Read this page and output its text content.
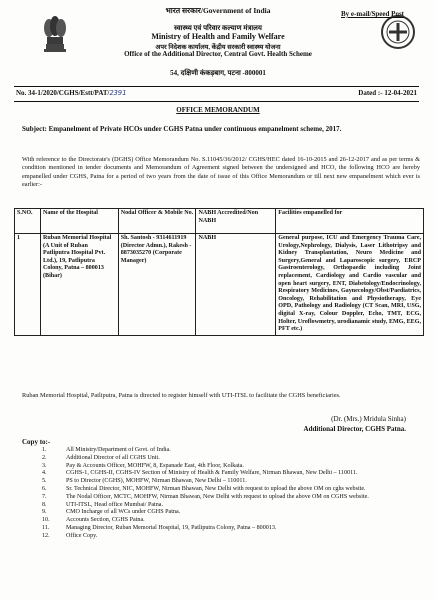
By e-mail/Speed Post
भारत सरकार/Government of India
स्वास्थ्य एवं परिवार कल्याण मंत्रालय
Ministry of Health and Family Welfare
अपर निदेशक कार्यालय, केंद्रीय सरकारी स्वास्थ्य योजना
Office of the Additional Director, Central Govt. Health Scheme
54, दक्षिणी कंकड़बाग, पटना -800001
No. 34-1/2020/CGHS/Estt/PAT/2391	Dated :- 12-04-2021
OFFICE MEMORANDUM
Subject: Empanelment of Private HCOs under CGHS Patna under continuous empanelment scheme, 2017.
With reference to the Directorate's (DGHS) Office Memorandum No. S.11045/36/2012/ CGHS/HEC dated 16-10-2015 and 26-12-2017 and as per terms & condition mentioned in tender documents and Memorandum of Agreement signed between the undersigned and HCO, the following HCO are hereby empanelled under CGHS, Patna for a period of two years from the date of issue of this Office Memorandum or till next new empanelment which ever is earlier:-
S.NO.	Name of the Hospital	Nodal Officer & Mobile No.	NABH Accredited/Non NABH	Facilities empanelled for
1	Ruban Memorial Hospital (A Unit of Ruban Patliputra Hospital Pvt. Ltd.), 19, Patliputra Colony, Patna – 800013 (Bihar)	Sh. Santosh - 9314611919 (Director Admn.), Rakesh - 8873035270 (Corporate Manager)	NABH	General purpose, ICU and Emergency Trauma Care, Urology,Nephrology, Dialysis, Laser Lithotripsy and Kidney Transplantation, Neuro Medicine and Surgery,General and Laparoscopic surgery, ERCP Gastroenterology, Orthopaedic including Joint replacement, Cardiology and Cardio vascular and open heart surgery, ENT, Diabetology/Endocrinology, Respiratory Medicines, Gaynecology/Obst/Paediatrics, Oncology, Rehabilitation and Physiotherapy, Eye OPD, Pathology and Radiology (CT Scan, MRI, USG, digital X-ray, Colour Doppler, Echo, TMT, ECG, Holter, Uroflowmetry, urodianamic study, EMG, EEG, PFT etc.)
Ruban Memorial Hospital, Patliputra, Patna is directed to register himself with UTI-ITSL to facilitate the CGHS beneficiaries.
(Dr. (Mrs.) Mridula Sinha)
Additional Director, CGHS Patna.
Copy to:-
1.	All Ministry/Department of Govt. of India.
2.	Additional Director of all CGHS Unit.
3.	Pay & Accounts Officer, MOHFW, 8, Espanade East, 4th Floor, Kolkata.
4.	CGHS-1, CGHS-II, CGHS-IV Section of Ministry of Health & Family Welfare, Nirman Bhawan, New Delhi – 110011.
5.	PS to Director (CGHS), MOHFW, Nirman Bhawan, New Delhi – 110011.
6.	Sr. Technical Director, NIC, MOHFW, Nirman Bhawan, New Delhi with request to upload the above OM on cghs website.
7.	The Nodal Officer, MCTC, MOHFW, Nirman Bhawan, New Delhi with request to upload the above OM on CGHS website.
8.	UTI-ITSL, Head office Mumbai/ Patna.
9.	CMO Incharge of all WCs under CGHS Patna.
10.	Accounts Section, CGHS Patna.
11.	Managing Director, Ruban Memorial Hospital, 19, Patliputra Colony, Patna – 800013.
12.	Office Copy.
